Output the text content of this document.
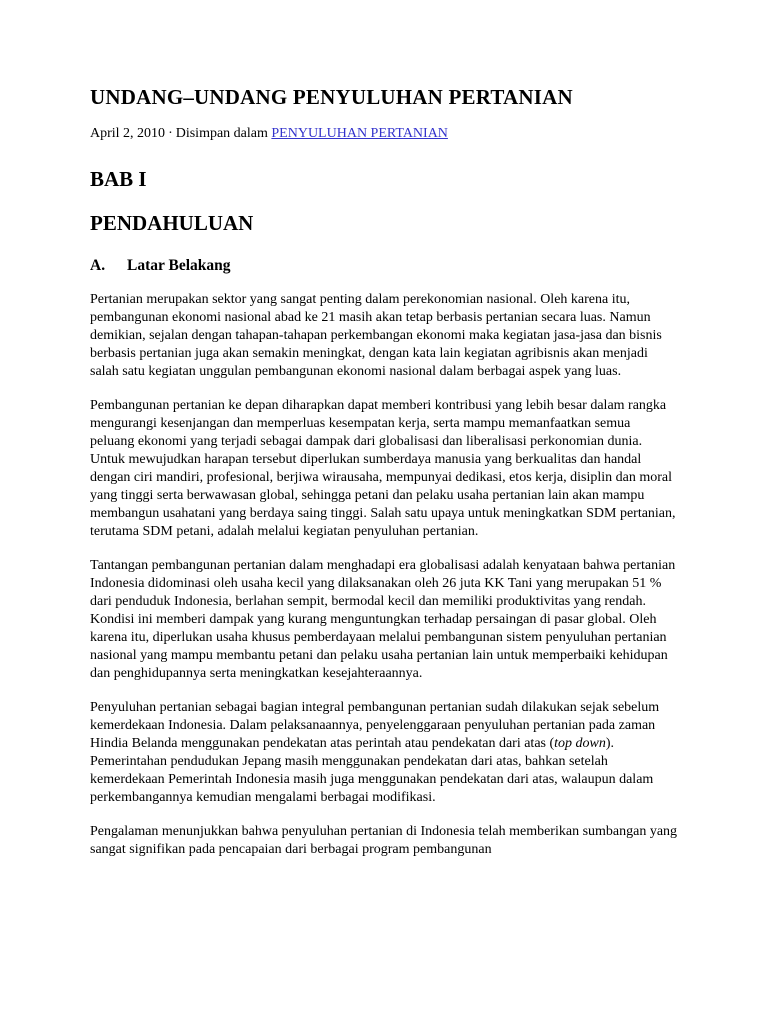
UNDANG–UNDANG PENYULUHAN PERTANIAN
April 2, 2010 · Disimpan dalam PENYULUHAN PERTANIAN
BAB I
PENDAHULUAN
A. Latar Belakang

Pertanian merupakan sektor yang sangat penting dalam perekonomian nasional. Oleh karena itu, pembangunan ekonomi nasional abad ke 21 masih akan tetap berbasis pertanian secara luas. Namun demikian, sejalan dengan tahapan-tahapan perkembangan ekonomi maka kegiatan jasa-jasa dan bisnis berbasis pertanian juga akan semakin meningkat, dengan kata lain kegiatan agribisnis akan menjadi salah satu kegiatan unggulan pembangunan ekonomi nasional dalam berbagai aspek yang luas.

Pembangunan pertanian ke depan diharapkan dapat memberi kontribusi yang lebih besar dalam rangka mengurangi kesenjangan dan memperluas kesempatan kerja, serta mampu memanfaatkan semua peluang ekonomi yang terjadi sebagai dampak dari globalisasi dan liberalisasi perkonomian dunia. Untuk mewujudkan harapan tersebut diperlukan sumberdaya manusia yang berkualitas dan handal dengan ciri mandiri, profesional, berjiwa wirausaha, mempunyai dedikasi, etos kerja, disiplin dan moral yang tinggi serta berwawasan global, sehingga petani dan pelaku usaha pertanian lain akan mampu membangun usahatani yang berdaya saing tinggi. Salah satu upaya untuk meningkatkan SDM pertanian, terutama SDM petani, adalah melalui kegiatan penyuluhan pertanian.

Tantangan pembangunan pertanian dalam menghadapi era globalisasi adalah kenyataan bahwa pertanian Indonesia didominasi oleh usaha kecil yang dilaksanakan oleh 26 juta KK Tani yang merupakan 51 % dari penduduk Indonesia, berlahan sempit, bermodal kecil dan memiliki produktivitas yang rendah. Kondisi ini memberi dampak yang kurang menguntungkan terhadap persaingan di pasar global. Oleh karena itu, diperlukan usaha khusus pemberdayaan melalui pembangunan sistem penyuluhan pertanian nasional yang mampu membantu petani dan pelaku usaha pertanian lain untuk memperbaiki kehidupan dan penghidupannya serta meningkatkan kesejahteraannya.

Penyuluhan pertanian sebagai bagian integral pembangunan pertanian sudah dilakukan sejak sebelum kemerdekaan Indonesia. Dalam pelaksanaannya, penyelenggaraan penyuluhan pertanian pada zaman Hindia Belanda menggunakan pendekatan atas perintah atau pendekatan dari atas (top down). Pemerintahan pendudukan Jepang masih menggunakan pendekatan dari atas, bahkan setelah kemerdekaan Pemerintah Indonesia masih juga menggunakan pendekatan dari atas, walaupun dalam perkembangannya kemudian mengalami berbagai modifikasi.

Pengalaman menunjukkan bahwa penyuluhan pertanian di Indonesia telah memberikan sumbangan yang sangat signifikan pada pencapaian dari berbagai program pembangunan
